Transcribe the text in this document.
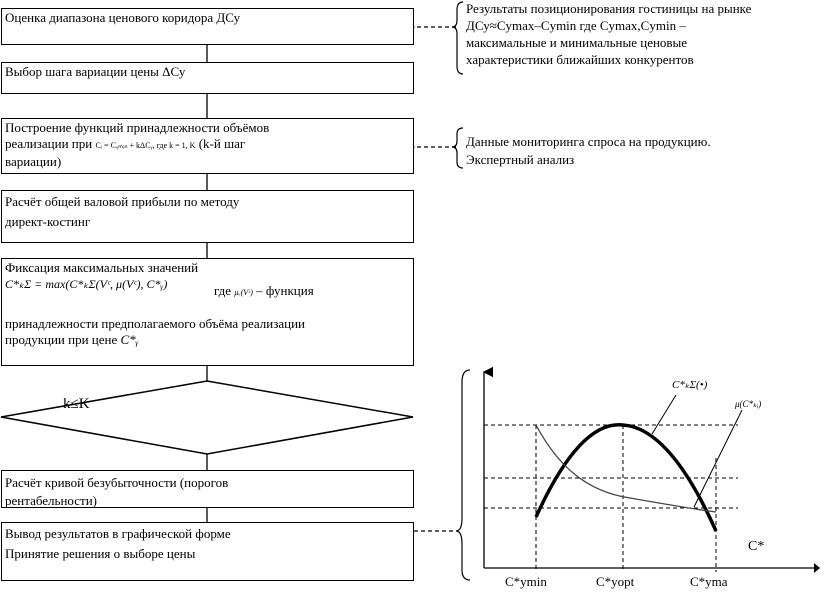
Оценка диапазона ценового коридора ДСу
Выбор шага вариации цены ΔСу
Построение функций принадлежности объёмов
реализации при Cᵢ = Cᵧₘᵢₙ + kΔCᵧ, где k = 1, K (k-й шаг
вариации)
Расчёт общей валовой прибыли по методу
директ-костинг
Фиксация максимальных значений
C*ₖΣ = max(C*ₖΣ(Vᶜ, μ(Vᶜ), C*ᵧ)	где μᵥ(Vᶜ) – функция
принадлежности предполагаемого объёма реализации
продукции при цене C*ᵧ
k≤K
Расчёт кривой безубыточности (порогов
рентабельности)
Вывод результатов в графической форме
Принятие решения о выборе цены
Результаты позиционирования гостиницы на рынке
ДСу≈Cymax–Cymin где Cymax,Cymin –
максимальные и минимальные ценовые
характеристики ближайших конкурентов
Данные мониторинга спроса на продукцию.
Экспертный анализ
C*
C*ymin	C*yopt	C*yma
C*ₖΣ(•)
μ(C*ₖᵢ)
